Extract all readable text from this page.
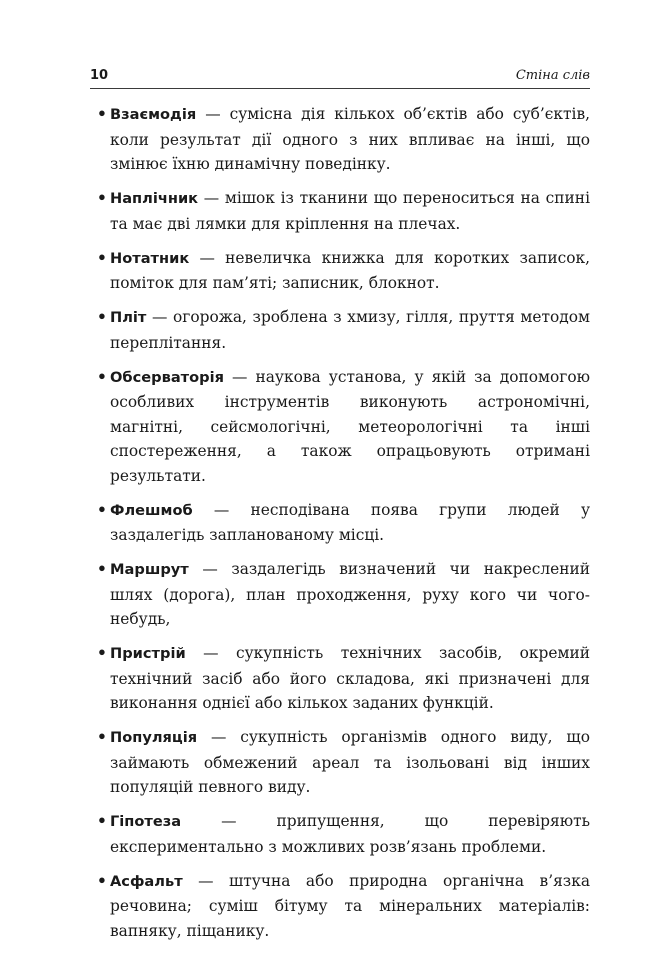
10	Стіна слів
• Взаємодія — сумісна дія кількох об’єктів або суб’єктів, коли результат дії одного з них впливає на інші, що змінює їхню динамічну поведінку.
• Наплічник — мішок із тканини що переноситься на спині та має дві лямки для кріплення на плечах.
• Нотатник — невеличка книжка для коротких записок, поміток для пам’яті; записник, блокнот.
• Пліт — огорожа, зроблена з хмизу, гілля, пруття методом переплітання.
• Обсерваторія — наукова установа, у якій за допомогою особливих інструментів виконують астрономічні, магнітні, сейсмологічні, метеорологічні та інші спостереження, а також опрацьовують отримані результати.
• Флешмоб — несподівана поява групи людей у заздалегідь запланованому місці.
• Маршрут — заздалегідь визначений чи накреслений шлях (дорога), план проходження, руху кого чи чого-небудь,
• Пристрій — сукупність технічних засобів, окремий технічний засіб або його складова, які призначені для виконання однієї або кількох заданих функцій.
• Популяція — сукупність організмів одного виду, що займають обмежений ареал та ізольовані від інших популяцій певного виду.
• Гіпотеза — припущення, що перевіряють експериментально з можливих розв’язань проблеми.
• Асфальт — штучна або природна органічна в’язка речовина; суміш бітуму та мінеральних матеріалів: вапняку, піщанику.
